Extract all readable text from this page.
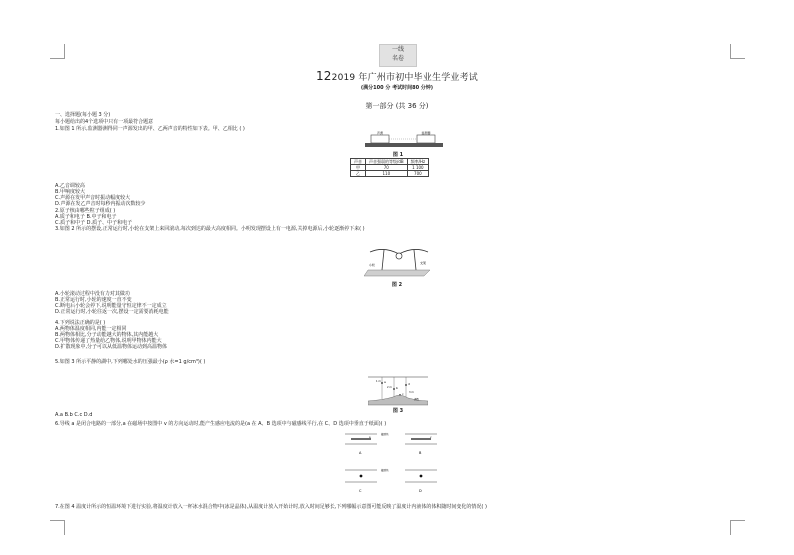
一线
名卷
122019 年广州市初中毕业生学业考试
(满分100 分 考试时间80 分钟)
第一部分 (共 36 分)
一、选择题(每小题 3 分)
每小题给出的4个选项中只有一项最符合题意
1.如图 1 所示,监测器测得同一声源发出的甲、乙两声音的特性如下表。甲、乙相比 ( )
声源	监测器
图 1
声音	声音强弱的等级/dB	频率/Hz
甲	70	1 100
乙	110	700
A.乙音调较高
B.甲响度较大
C.声源在发甲声音时振动幅度较大
D.声源在发乙声音时每秒内振动次数较少
2.原子核由哪些粒子组成( )
A.质子和电子 B.中子和电子
C.质子和中子 D.质子、中子和电子
3.如图 2 所示的摆设,正常运行时,小轮在支架上来回滚动,每次到达的最大高度相同。小明发现摆设上有一电源,关掉电源后,小轮逐渐停下来( )
小轮	支架
图 2
A.小轮滚动过程中没有力对其做功
B.正常运行时,小轮的速度一直不变
C.断电后小轮会停下,说明能量守恒定律不一定成立
D.正常运行时,小轮往返一次,摆设一定需要消耗电能
4.下列说法正确的是( )
A.两物体温度相同,内能一定相同
B.两物体相比,分子动能越大的物体,其内能越大
C.甲物体传递了热量给乙物体,说明甲物体内能大
D.扩散现象中,分子可以从低温物体运动到高温物体
5.如图 3 所示平静的湖中,下列哪处水的压强最小(ρ 水=1 g/cm³)( )
a
b
c
d
1 m
2 m
3 m
湖底
图 3
A.a B.b C.c D.d
6.导线 a 是闭合电路的一部分,a 在磁场中按图中 v 的方向运动时,能产生感应电流的是(a 在 A、B 选项中与磁感线平行,在 C、D 选项中垂直于纸面)( )
A	B
C	D
磁感线
磁感线
a	v
7.在图 4 温度计所示的恒温环境下进行实验,将温度计放入一杯冰水混合物中(冰是晶体),从温度计放入开始计时,放入时间足够长,下列哪幅示意图可能反映了温度计内液体的体积随时间变化的情况( )
